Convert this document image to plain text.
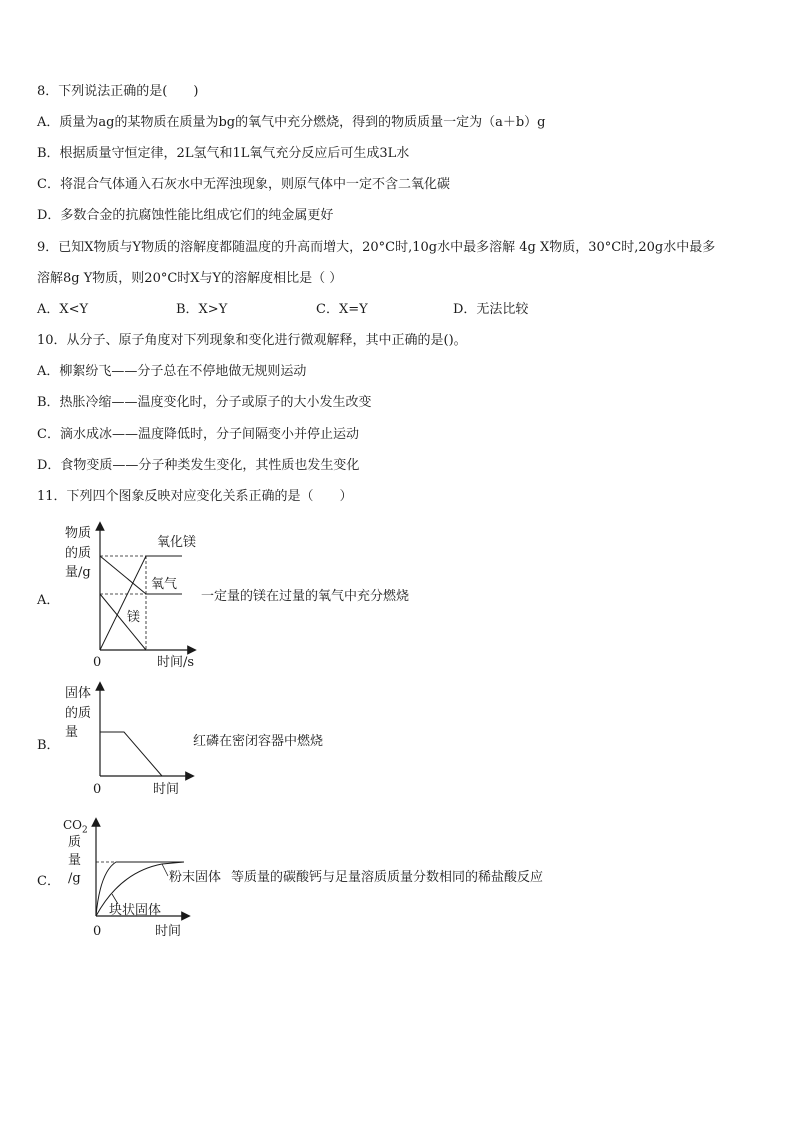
8．下列说法正确的是(　　)
A．质量为ag的某物质在质量为bg的氧气中充分燃烧，得到的物质质量一定为（a＋b）g
B．根据质量守恒定律，2L氢气和1L氧气充分反应后可生成3L水
C．将混合气体通入石灰水中无浑浊现象，则原气体中一定不含二氧化碳
D．多数合金的抗腐蚀性能比组成它们的纯金属更好
9．已知X物质与Y物质的溶解度都随温度的升高而增大，20°C时,10g水中最多溶解 4g X物质，30°C时,20g水中最多
溶解8g Y物质，则20°C时X与Y的溶解度相比是（ ）
A．X<Y	B．X>Y	C．X=Y	D．无法比较
10．从分子、原子角度对下列现象和变化进行微观解释，其中正确的是()。
A．柳絮纷飞——分子总在不停地做无规则运动
B．热胀冷缩——温度变化时，分子或原子的大小发生改变
C．滴水成冰——温度降低时，分子间隔变小并停止运动
D．食物变质——分子种类发生变化，其性质也发生变化
11．下列四个图象反映对应变化关系正确的是（　　）
A．
物质
的质
量/g
氧化镁
氧气
镁
0	时间/s
一定量的镁在过量的氧气中充分燃烧
B．
固体
的质
量
0	时间
红磷在密闭容器中燃烧
C．
$CO_2$
质
量
/g	粉末固体
块状固体
0	时间
等质量的碳酸钙与足量溶质质量分数相同的稀盐酸反应
